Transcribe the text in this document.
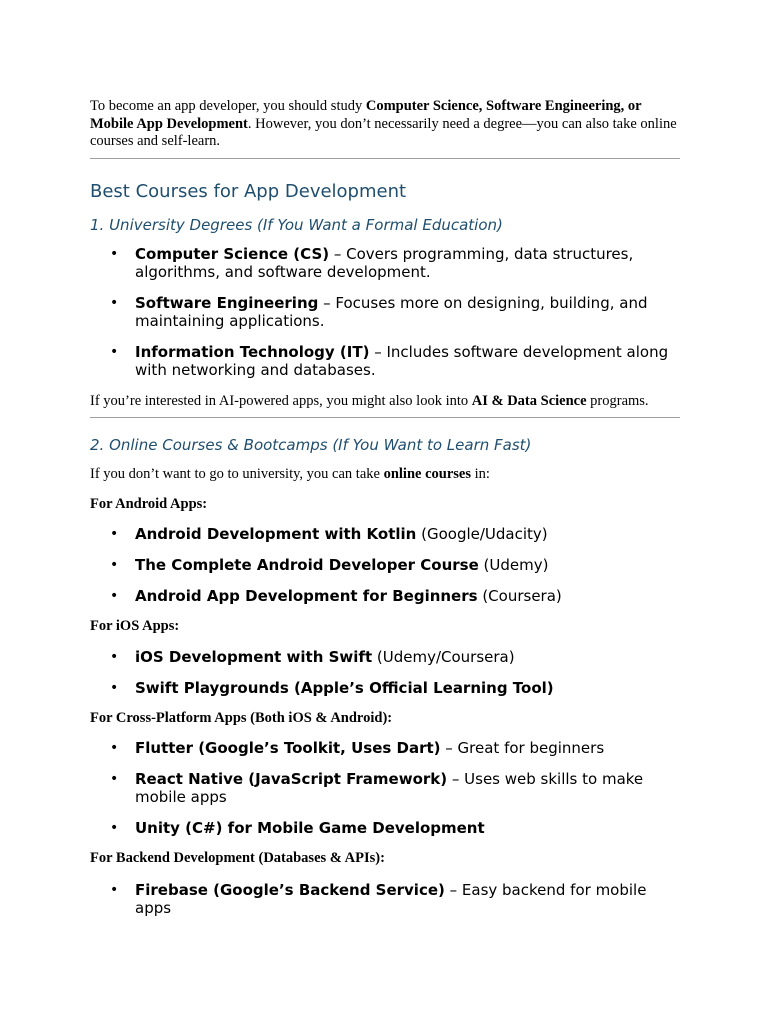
To become an app developer, you should study Computer Science, Software Engineering, or Mobile App Development. However, you don’t necessarily need a degree—you can also take online courses and self-learn.

Best Courses for App Development
1. University Degrees (If You Want a Formal Education)
• Computer Science (CS) – Covers programming, data structures, algorithms, and software development.
• Software Engineering – Focuses more on designing, building, and maintaining applications.
• Information Technology (IT) – Includes software development along with networking and databases.

If you’re interested in AI-powered apps, you might also look into AI & Data Science programs.

2. Online Courses & Bootcamps (If You Want to Learn Fast)

If you don’t want to go to university, you can take online courses in:

For Android Apps:

• Android Development with Kotlin (Google/Udacity)
• The Complete Android Developer Course (Udemy)
• Android App Development for Beginners (Coursera)

For iOS Apps:

• iOS Development with Swift (Udemy/Coursera)
• Swift Playgrounds (Apple’s Official Learning Tool)

For Cross-Platform Apps (Both iOS & Android):

• Flutter (Google’s Toolkit, Uses Dart) – Great for beginners
• React Native (JavaScript Framework) – Uses web skills to make mobile apps
• Unity (C#) for Mobile Game Development

For Backend Development (Databases & APIs):

• Firebase (Google’s Backend Service) – Easy backend for mobile apps
